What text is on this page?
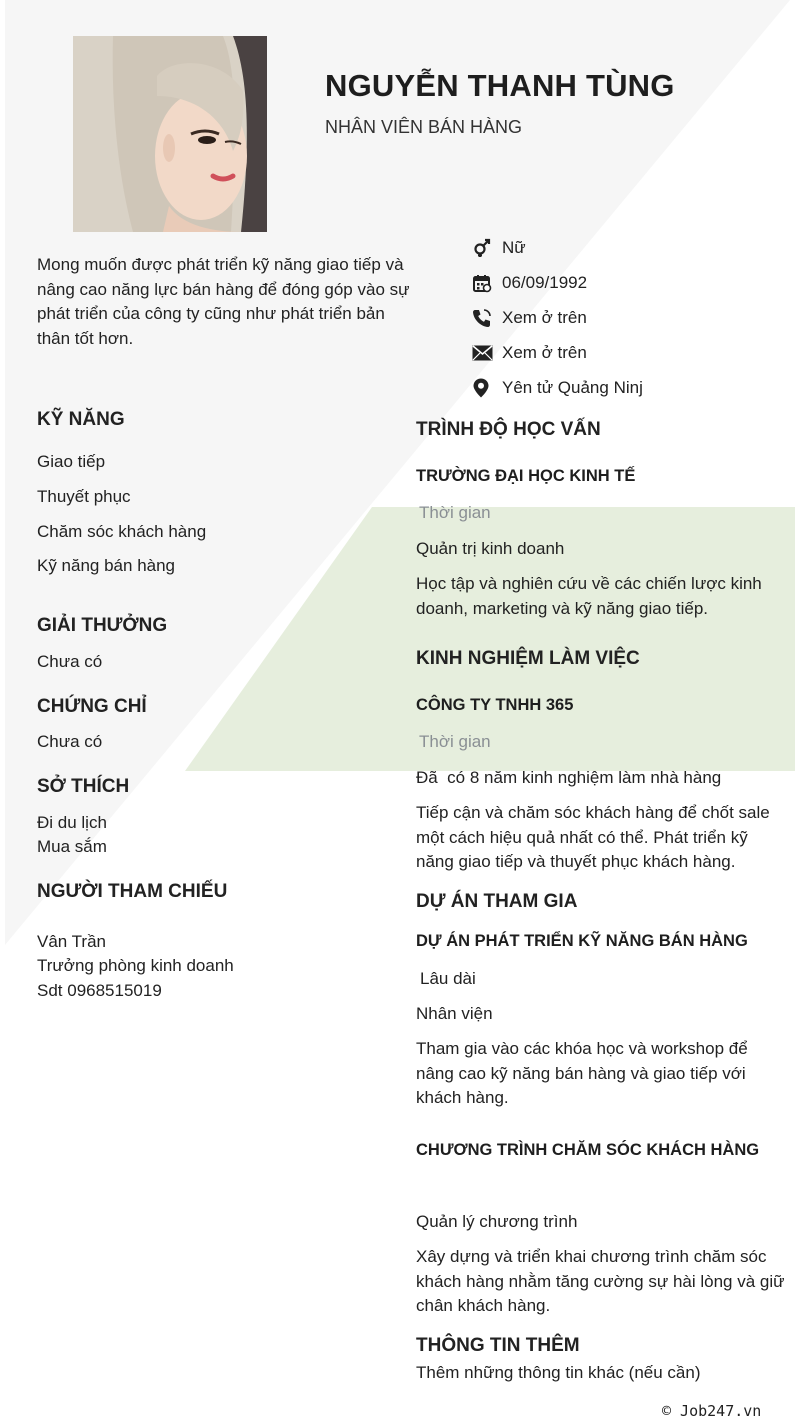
NGUYỄN THANH TÙNG
NHÂN VIÊN BÁN HÀNG
Mong muốn được phát triển kỹ năng giao tiếp và nâng cao năng lực bán hàng để đóng góp vào sự phát triển của công ty cũng như phát triển bản thân tốt hơn.
Nữ
06/09/1992
Xem ở trên
Xem ở trên
Yên tử Quảng Ninj
KỸ NĂNG
Giao tiếp
Thuyết phục
Chăm sóc khách hàng
Kỹ năng bán hàng
GIẢI THƯỞNG
Chưa có
CHỨNG CHỈ
Chưa có
SỞ THÍCH
Đi du lịch
Mua sắm
NGƯỜI THAM CHIẾU
Vân Trần
Trưởng phòng kinh doanh
Sdt 0968515019
TRÌNH ĐỘ HỌC VẤN
TRƯỜNG ĐẠI HỌC KINH TẾ
Thời gian
Quản trị kinh doanh
Học tập và nghiên cứu về các chiến lược kinh doanh, marketing và kỹ năng giao tiếp.
KINH NGHIỆM LÀM VIỆC
CÔNG TY TNHH 365
Thời gian
Đã  có 8 năm kinh nghiệm làm nhà hàng
Tiếp cận và chăm sóc khách hàng để chốt sale một cách hiệu quả nhất có thể. Phát triển kỹ năng giao tiếp và thuyết phục khách hàng.
DỰ ÁN THAM GIA
DỰ ÁN PHÁT TRIỂN KỸ NĂNG BÁN HÀNG
Lâu dài
Nhân viện
Tham gia vào các khóa học và workshop để nâng cao kỹ năng bán hàng và giao tiếp với khách hàng.
CHƯƠNG TRÌNH CHĂM SÓC KHÁCH HÀNG
Quản lý chương trình
Xây dựng và triển khai chương trình chăm sóc khách hàng nhằm tăng cường sự hài lòng và giữ chân khách hàng.
THÔNG TIN THÊM
Thêm những thông tin khác (nếu cần)
© Job247.vn
